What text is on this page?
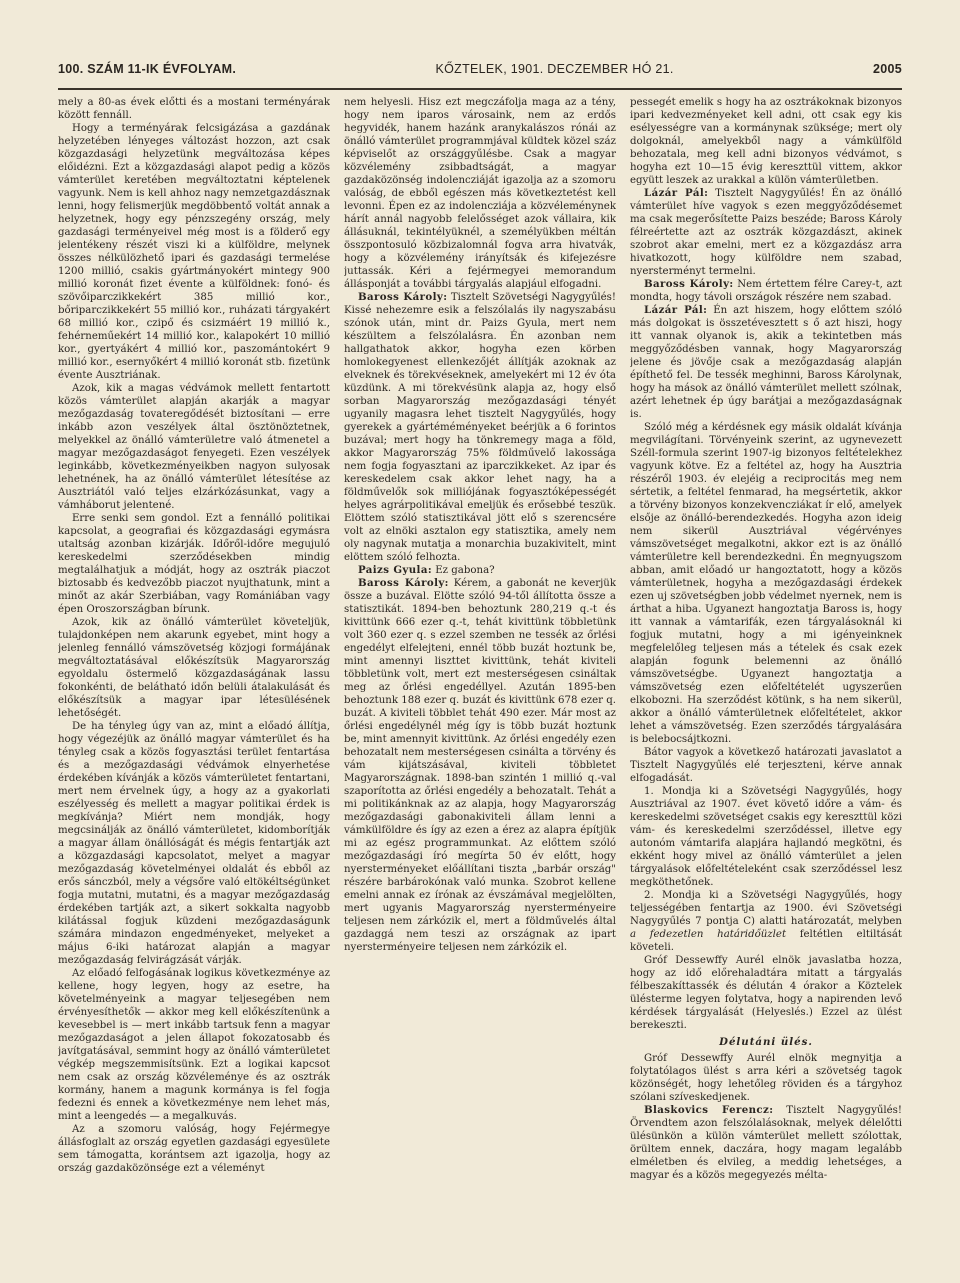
100. SZÁM 11-IK ÉVFOLYAM.	KŐZTELEK, 1901. DECZEMBER HÓ 21.	2005

mely a 80-as évek előtti és a mostani terményárak között fennáll.

Hogy a terményárak felcsigázása a gazdának helyzetében lényeges változást hozzon, azt csak közgazdasági helyzetünk megváltozása képes előidézni. Ezt a közgazdasági alapot pedig a közös vámterület keretében megváltoztatni képtelenek vagyunk. Nem is kell ahhoz nagy nemzetgazdásznak lenni, hogy felismerjük megdöbbentő voltát annak a helyzetnek, hogy egy pénzszegény ország, mely gazdasági terményeivel még most is a földerő egy jelentékeny részét viszi ki a külföldre, melynek összes nélkülözhető ipari és gazdasági termelése 1200 millió, csakis gyártmányokért mintegy 900 millió koronát fizet évente a külföldnek: fonó- és szövőiparczikkekért 385 millió kor., bőriparczikkekért 55 millió kor., ruházati tárgyakért 68 millió kor., czipő és csizmáért 19 millió k., fehérneműekért 14 millió kor., kalapokért 10 millió kor., gyertyákért 4 millió kor., paszomántokért 9 millió kor., esernyőkért 4 millió koronát stb. fizetünk évente Ausztriának.

Azok, kik a magas védvámok mellett fentartott közös vámterület alapján akarják a magyar mezőgazdaság tovateregődését biztosítani — erre inkább azon veszélyek által ösztönöztetnek, melyekkel az önálló vámterületre való átmenetel a magyar mezőgazdaságot fenyegeti. Ezen veszélyek leginkább, következményeikben nagyon sulyosak lehetnének, ha az önálló vámterület létesítése az Ausztriától való teljes elzárkózásunkat, vagy a vámháborut jelentené.

Erre senki sem gondol. Ezt a fennálló politikai kapcsolat, a geografiai és közgazdasági egymásra utaltság azonban kizárják. Időről-időre megujuló kereskedelmi szerződésekben mindig megtalálhatjuk a módját, hogy az osztrák piaczot biztosabb és kedvezőbb piaczot nyujthatunk, mint a minőt az akár Szerbiában, vagy Romániában vagy épen Oroszországban bírunk.

Azok, kik az önálló vámterület követeljük, tulajdonképen nem akarunk egyebet, mint hogy a jelenleg fennálló vámszövetség közjogi formájának megváltoztatásával előkészítsük Magyarország egyoldalu östermelő közgazdaságának lassu fokonkénti, de belátható időn belüli átalakulását és előkészítsük a magyar ipar létesülésének lehetőségét.

De ha tényleg úgy van az, mint a előadó állítja, hogy végezéjük az önálló magyar vámterület és ha tényleg csak a közös fogyasztási terület fentartása és a mezőgazdasági védvámok elnyerhetése érdekében kívánják a közös vámterületet fentartani, mert nem érvelnek úgy, a hogy az a gyakorlati eszélyesség és mellett a magyar politikai érdek is megkívánja? Miért nem mondják, hogy megcsinálják az önálló vámterületet, kidomborítják a magyar állam önállóságát és mégis fentartják azt a közgazdasági kapcsolatot, melyet a magyar mezőgazdaság követelményei oldalát és ebből az erős sánczból, mely a végsőre való eltökéltségünket fogja mutatni, mutatni, és a magyar mezőgazdaság érdekében tartják azt, a sikert sokkalta nagyobb kilátással fogjuk küzdeni mezőgazdaságunk számára mindazon engedményeket, melyeket a május 6-iki határozat alapján a magyar mezőgazdaság felvirágzását várják.

Az előadó felfogásának logikus következménye az kellene, hogy legyen, hogy az esetre, ha követelményeink a magyar teljesegében nem érvényesíthetők — akkor meg kell előkészítenünk a kevesebbel is — mert inkább tartsuk fenn a magyar mezőgazdaságot a jelen állapot fokozatosabb és javítgatásával, semmint hogy az önálló vámterületet végkép megszemmisítsünk. Ezt a logikai kapcsot nem csak az ország közvéleménye és az osztrák kormány, hanem a magunk kormánya is fel fogja fedezni és ennek a következménye nem lehet más, mint a leengedés — a megalkuvás.

Az a szomoru valóság, hogy Fejérmegye állásfoglalt az ország egyetlen gazdasági egyesülete sem támogatta, korántsem azt igazolja, hogy az ország gazdaközönsége ezt a véleményt

nem helyesli. Hisz ezt megczáfolja maga az a tény, hogy nem iparos városaink, nem az erdős hegyvidék, hanem hazánk aranykalászos rónái az önálló vámterület programmjával küldtek közel száz képviselőt az országgyűlésbe. Csak a magyar közvélemény zsibbadtságát, a magyar gazdaközönség indolencziáját igazolja az a szomoru valóság, de ebből egészen más következtetést kell levonni. Épen ez az indolencziája a közvéleménynek hárít annál nagyobb felelősséget azok vállaira, kik állásuknál, tekintélyüknél, a személyükben méltán összpontosuló közbizalomnál fogva arra hivatvák, hogy a közvélemény irányítsák és kifejezésre juttassák. Kéri a fejérmegyei memorandum állásponját a további tárgyalás alapjául elfogadni.

Baross Károly: Tisztelt Szövetségi Nagygyűlés! Kissé nehezemre esik a felszólalás ily nagyszabásu szónok után, mint dr. Paizs Gyula, mert nem készültem a felszólalásra. Én azonban nem hallgathatok akkor, hogyha ezen körben homlokegyenest ellenkezőjét állítják azoknak az elveknek és törekvéseknek, amelyekért mi 12 év óta küzdünk. A mi törekvésünk alapja az, hogy első sorban Magyarország mezőgazdasági tényét ugyanily magasra lehet tisztelt Nagygyűlés, hogy gyerekek a gyártéméményeket beérjük a 6 forintos buzával; mert hogy ha tönkremegy maga a föld, akkor Magyarország 75% földművelő lakossága nem fogja fogyasztani az iparczikkeket. Az ipar és kereskedelem csak akkor lehet nagy, ha a földművelők sok milliójának fogyasztóképességét helyes agrárpolitikával emeljük és erősebbé teszük. Elöttem szóló statisztikával jött elő s szerencsére volt az elnöki asztalon egy statisztika, amely nem oly nagynak mutatja a monarchia buzakivitelt, mint elöttem szóló felhozta.

Paizs Gyula: Ez gabona?

Baross Károly: Kérem, a gabonát ne keverjük össze a buzával. Elötte szóló 94-től állította össze a statisztikát. 1894-ben behoztunk 280,219 q.-t és kivittünk 666 ezer q.-t, tehát kivittünk többletünk volt 360 ezer q. s ezzel szemben ne tessék az őrlési engedélyt elfelejteni, ennél több buzát hoztunk be, mint amennyi liszttet kivittünk, tehát kiviteli többletünk volt, mert ezt mesterségesen csináltak meg az őrlési engedéllyel. Azután 1895-ben behoztunk 188 ezer q. buzát és kivittünk 678 ezer q. buzát. A kiviteli többlet tehát 490 ezer. Már most az őrlési engedélynél még így is több buzát hoztunk be, mint amennyit kivittünk. Az őrlési engedély ezen behozatalt nem mesterségesen csinálta a törvény és vám kijátszásával, kiviteli többletet Magyarországnak. 1898-ban szintén 1 millió q.-val szaporította az őrlési engedély a behozatalt. Tehát a mi politikánknak az az alapja, hogy Magyarország mezőgazdasági gabonakiviteli állam lenni a vámkülföldre és így az ezen a érez az alapra építjük mi az egész programmunkat. Az előttem szóló mezőgazdasági író megírta 50 év előtt, hogy nyersterményeket előállítani tiszta „barbár ország" részére barbárokónak való munka. Szobrot kellene emelni annak ez írónak az évszámával megjelölten, mert ugyanis Magyarország nyersterményeire teljesen nem zárkózik el, mert a földművelés által gazdaggá nem teszi az országnak az ipart nyersterményeire teljesen nem zárkózik el.

pessegét emelik s hogy ha az osztrákoknak bizonyos ipari kedvezményeket kell adni, ott csak egy kis esélyességre van a kormánynak szüksége; mert oly dolgoknál, amelyekből nagy a vámkülföld behozatala, meg kell adni bizonyos védvámot, s hogyha ezt 10—15 évig kereszttül vittem, akkor együtt leszek az urakkal a külön vámterületben.

Lázár Pál: Tisztelt Nagygyűlés! Én az önálló vámterület híve vagyok s ezen meggyőződésemet ma csak megerősítette Paizs beszéde; Baross Károly félreértette azt az osztrák közgazdászt, akinek szobrot akar emelni, mert ez a közgazdász arra hivatkozott, hogy külföldre nem szabad, nyersterményt termelni.

Baross Károly: Nem értettem félre Carey-t, azt mondta, hogy távoli országok részére nem szabad.

Lázár Pál: Én azt hiszem, hogy előttem szóló más dolgokat is összetévesztett s ő azt hiszi, hogy itt vannak olyanok is, akik a tekintetben más meggyőződésben vannak, hogy Magyarország jelene és jövője csak a mezőgazdaság alapján építhető fel. De tessék meghinni, Baross Károlynak, hogy ha mások az önálló vámterület mellett szólnak, azért lehetnek ép úgy barátjai a mezőgazdaságnak is.

Szóló még a kérdésnek egy másik oldalát kívánja megvilágítani. Törvényeink szerint, az ugynevezett Széll-formula szerint 1907-ig bizonyos feltételekhez vagyunk kötve. Ez a feltétel az, hogy ha Ausztria részéről 1903. év elejéig a reciprocitás meg nem sértetik, a feltétel fenmarad, ha megsértetik, akkor a törvény bizonyos konzekvencziákat ír elő, amelyek elsője az önálló-berendezkedés. Hogyha azon ideig nem sikerül Ausztriával végérvényes vámszövetséget megalkotni, akkor ezt is az önálló vámterületre kell berendezkedni. Én megnyugszom abban, amit előadó ur hangoztatott, hogy a közös vámterületnek, hogyha a mezőgazdasági érdekek ezen uj szövetségben jobb védelmet nyernek, nem is árthat a hiba. Ugyanezt hangoztatja Baross is, hogy itt vannak a vámtarifák, ezen tárgyalásoknál ki fogjuk mutatni, hogy a mi igényeinknek megfelelőleg teljesen más a tételek és csak ezek alapján fogunk belemenni az önálló vámszövetségbe. Ugyanezt hangoztatja a vámszövetség ezen előfeltételét ugyszerűen elkobozni. Ha szerződést kötünk, s ha nem sikerül, akkor a önálló vámterületnek előfeltételet, akkor lehet a vámszövetség. Ezen szerződés tárgyalására is belebocsájtkozni.

Bátor vagyok a következő határozati javaslatot a Tisztelt Nagygyűlés elé terjeszteni, kérve annak elfogadását.

1. Mondja ki a Szövetségi Nagygyűlés, hogy Ausztriával az 1907. évet követő időre a vám- és kereskedelmi szövetséget csakis egy kereszttül közi vám- és kereskedelmi szerződéssel, illetve egy autonóm vámtarifa alapjára hajlandó megkötni, és ekként hogy mivel az önálló vámterület a jelen tárgyalások előfeltételeként csak szerződéssel lesz megköthetőnek.

2. Mondja ki a Szövetségi Nagygyűlés, hogy teljességében fentartja az 1900. évi Szövetségi Nagygyűlés 7 pontja C) alatti határozatát, melyben a fedezetlen határidőüzlet feltétlen eltiltását követeli.

Gróf Dessewffy Aurél elnök javaslatba hozza, hogy az idő előrehaladtára mitatt a tárgyalás félbeszakíttassék és délután 4 órakor a Köztelek ülésterme legyen folytatva, hogy a napirenden levő kérdések tárgyalását (Helyeslés.) Ezzel az ülést berekeszti.

Délutáni ülés.

Gróf Dessewffy Aurél elnök megnyitja a folytatólagos ülést s arra kéri a szövetség tagok közönségét, hogy lehetőleg röviden és a tárgyhoz szólani szíveskedjenek.

Blaskovics Ferencz: Tisztelt Nagygyűlés! Örvendtem azon felszólalásoknak, melyek délelőtti ülésünkön a külön vámterület mellett szólottak, örültem ennek, daczára, hogy magam legalább elméletben és elvileg, a meddig lehetséges, a magyar és a közös megegyezés mélta-
